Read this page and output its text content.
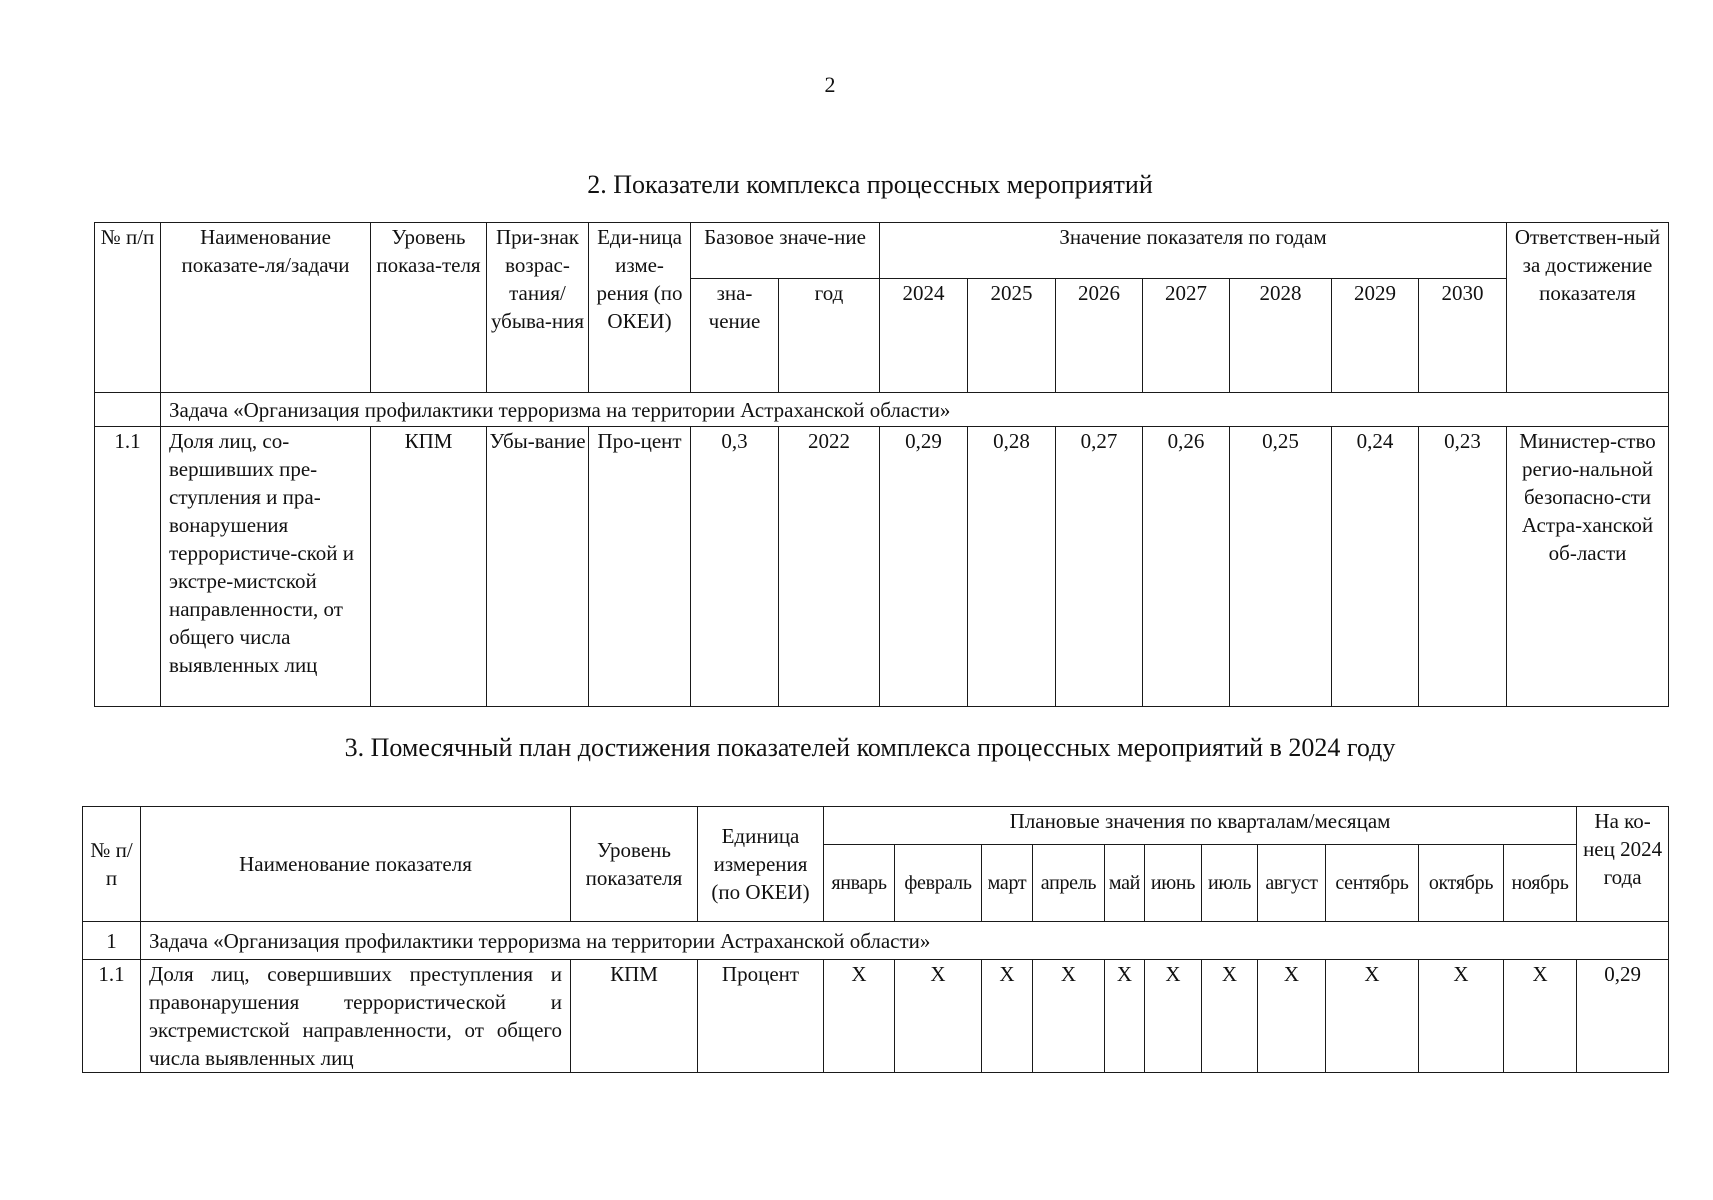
2
2. Показатели комплекса процессных мероприятий
№ п/п	Наименование показате-ля/задачи	Уровень показа-теля	При-знак возрас-тания/ убыва-ния	Еди-ница изме-рения (по ОКЕИ)	Базовое значе-ние		Значение показателя по годам							Ответствен-ный за достижение показателя
					зна-чение	год	2024	2025	2026	2027	2028	2029	2030	
	Задача «Организация профилактики терроризма на территории Астраханской области»													
1.1	Доля лиц, со-вершивших пре-ступления и пра-вонарушения террористиче-ской и экстре-мистской направленности, от общего числа выявленных лиц	КПМ	Убы-вание	Про-цент	0,3	2022	0,29	0,28	0,27	0,26	0,25	0,24	0,23	Министер-ство регио-нальной безопасно-сти Астра-ханской об-ласти
3. Помесячный план достижения показателей комплекса процессных мероприятий в 2024 году
№ п/п	Наименование показателя	Уровень показателя	Единица измерения (по ОКЕИ)	Плановые значения по кварталам/месяцам											На ко-нец 2024 года
				январь	февраль	март	апрель	май	июнь	июль	август	сентябрь	октябрь	ноябрь	
1	Задача «Организация профилактики терроризма на территории Астраханской области»														
1.1	Доля лиц, совершивших преступления и правонарушения террористической и экстремистской направленности, от общего числа выявленных лиц	КПМ	Процент	X	X	X	X	X	X	X	X	X	X	X	0,29
